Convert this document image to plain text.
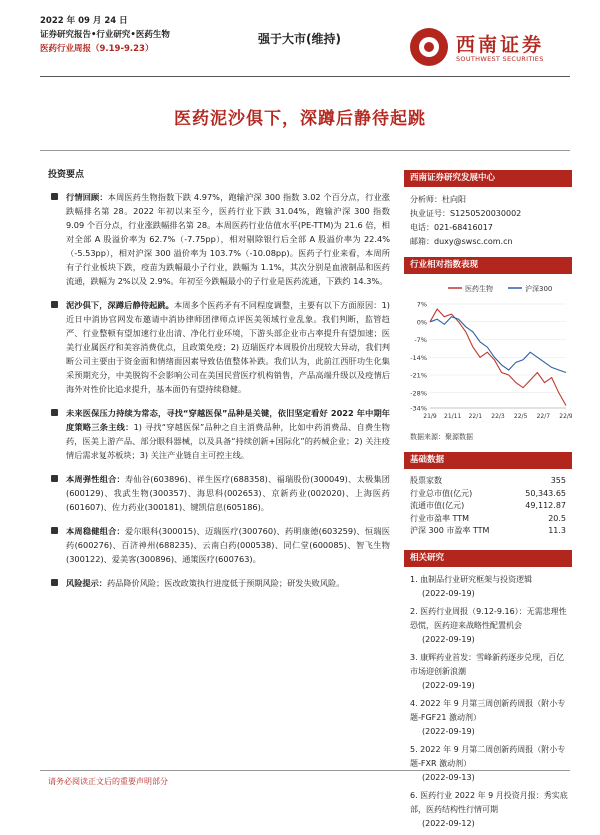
2022 年 09 月 24 日
证券研究报告•行业研究•医药生物
医药行业周报（9.19-9.23）
强于大市(维持)	西南证券
SOUTHWEST SECURITIES
医药泥沙俱下，深蹲后静待起跳
投资要点
行情回顾：本周医药生物指数下跌 4.97%，跑输沪深 300 指数 3.02 个百分点，行业涨跌幅排名第 28。2022 年初以来至今，医药行业下跌 31.04%，跑输沪深 300 指数 9.09 个百分点，行业涨跌幅排名第 28。本周医药行业估值水平(PE-TTM)为 21.6 倍，相对全部 A 股溢价率为 62.7%（-7.75pp），相对剔除银行后全部 A 股溢价率为 22.4%（-5.53pp），相对沪深 300 溢价率为 103.7%（-10.08pp)。医药子行业来看，本周所有子行业板块下跌，疫苗为跌幅最小子行业，跌幅为 1.1%，其次分别是血液制品和医药流通，跌幅为 2%以及 2.9%。年初至今跌幅最小的子行业是医药流通，下跌约 14.3%。
泥沙俱下，深蹲后静待起跳。本周多个医药矛有不同程度调整，主要有以下方面原因：1) 近日中消协官网发布邀请中消协律师团律师点评医美领域行业乱象。我们判断，监管趋严、行业整顿有望加速行业出清、净化行业环境，下游头部企业市占率提升有望加速；医美行业属医疗和美容消费优点，且政策免疫；2) 迈瑞医疗本周股价出现较大异动，我们判断公司主要由于资金面和情绪面因素导致估值整体补跌。我们认为，此前江西肝功生化集采预期充分，中美脱钩不会影响公司在美国民营医疗机构销售，产品高端升级以及疫情后海外对性价比追求提升，基本面仍有望持续稳健。
未来医保压力持续为常态，寻找“穿越医保”品种是关键，依旧坚定看好 2022 年中期年度策略三条主线：1) 寻找“穿越医保”品种之自主消费品种，比如中药消费品、自费生物药，医美上游产品、部分眼科器械，以及具备“持续创新+国际化”的药械企业；2) 关注疫情后需求复苏板块；3) 关注产业链自主可控主线。
本周弹性组合：寿仙谷(603896)、祥生医疗(688358)、福瑞股份(300049)、太极集团(600129)、我武生物(300357)、海思科(002653)、京新药业(002020)、上海医药(601607)、佐力药业(300181)、键凯信息(605186)。
本周稳健组合：爱尔眼科(300015)、迈瑞医疗(300760)、药明康德(603259)、恒瑞医药(600276)、百济神州(688235)、云南白药(000538)、同仁堂(600085)、智飞生物(300122)、爱美客(300896)、通策医疗(600763)。
风险提示：药品降价风险；医改政策执行进度低于预期风险；研发失败风险。
西南证券研究发展中心
分析师：杜向阳
执业证号：S1250520030002
电话：021-68416017
邮箱：duxy@swsc.com.cn
行业相对指数表现
医药生物	沪深300
7%
0%
-7%
-14%
-21%
-28%
-34%
21/9 21/11 22/1 22/3 22/5 22/7 22/9
数据来源：聚源数据
基础数据
股票家数	355
行业总市值(亿元)	50,343.65
流通市值(亿元)	49,112.87
行业市盈率 TTM	20.5
沪深 300 市盈率 TTM	11.3
相关研究
1. 血制品行业研究框架与投资逻辑
(2022-09-19)
2. 医药行业周报（9.12-9.16）：无需悲理性恐慌，医药迎来战略性配置机会
(2022-09-19)
3. 康辉药业首发：雪峰新药逐步兑现，百亿市场迎创新浪潮
(2022-09-19)
4. 2022 年 9 月第三周创新药周报（附小专题-FGF21 激动剂）
(2022-09-19)
5. 2022 年 9 月第二周创新药周报（附小专题-FXR 激动剂）
(2022-09-13)
6. 医药行业 2022 年 9 月投资月报：秀实底部，医药结构性行情可期
(2022-09-12)
请务必阅读正文后的重要声明部分
